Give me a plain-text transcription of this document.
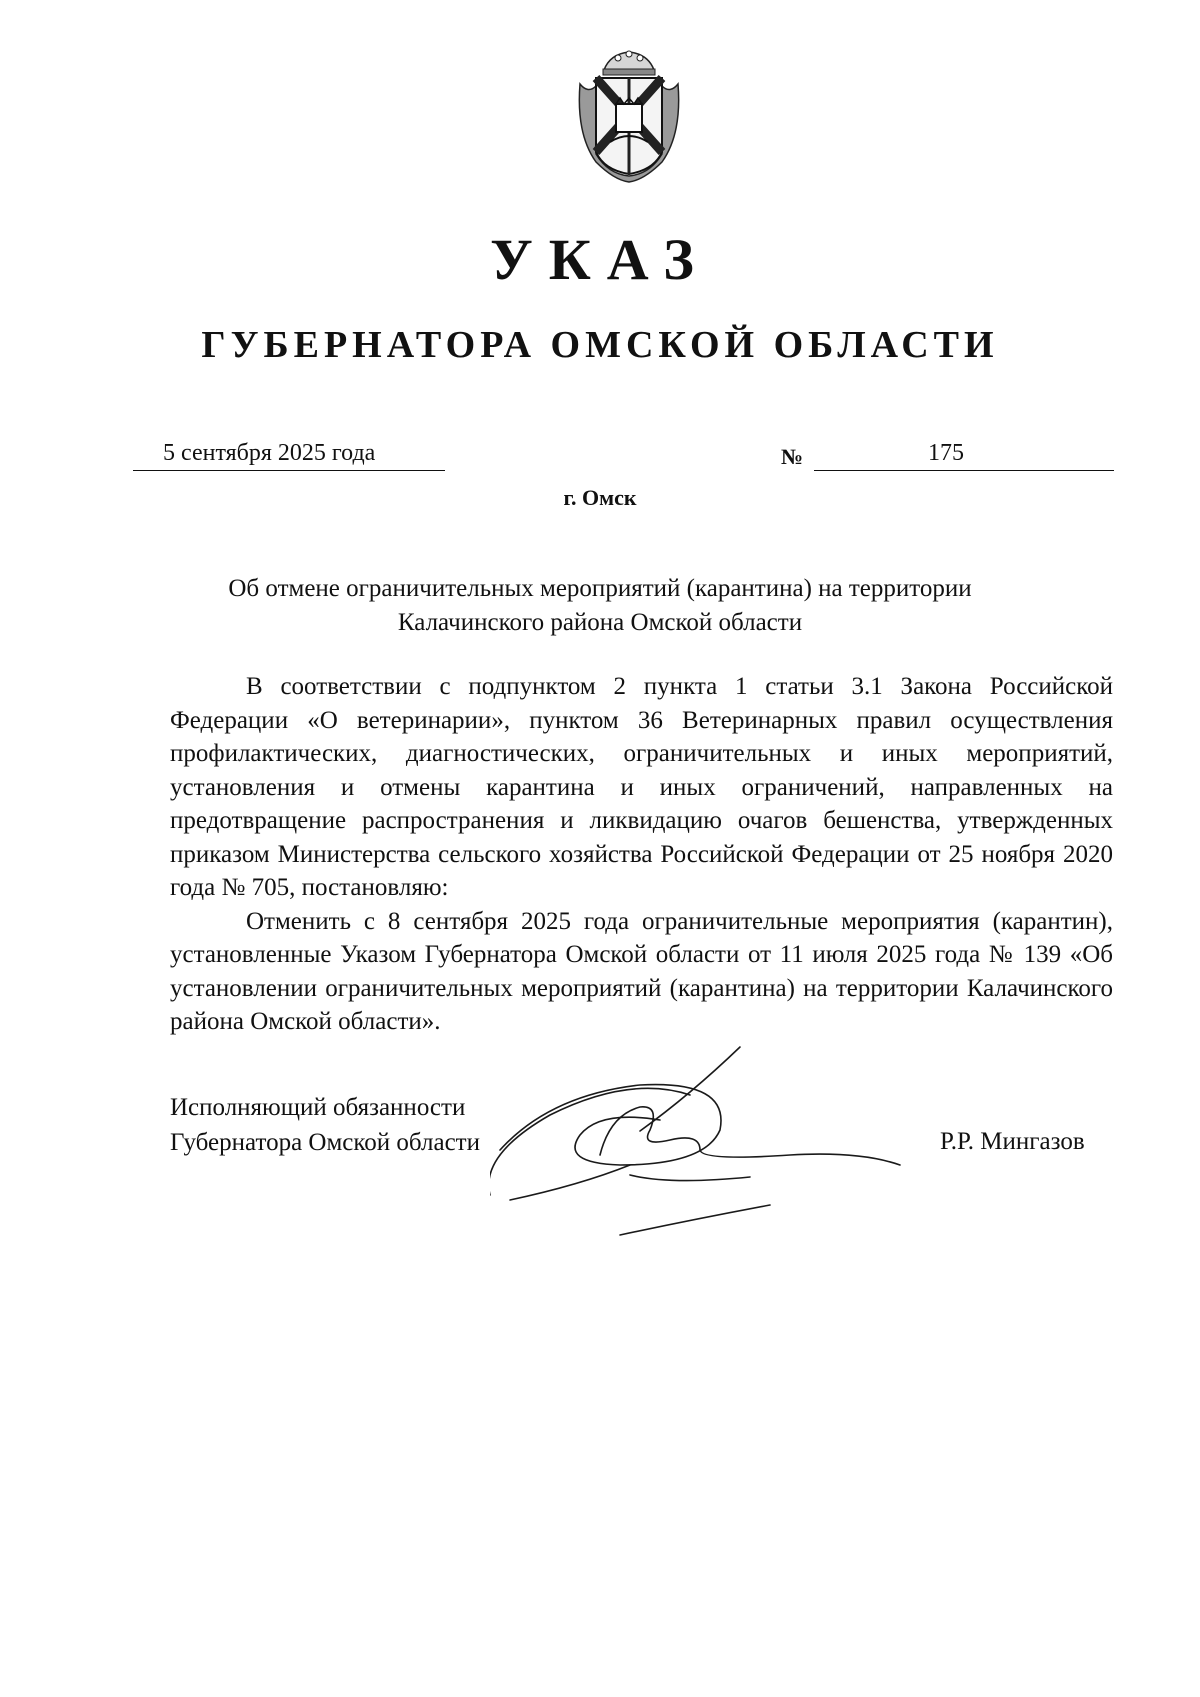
УКАЗ
ГУБЕРНАТОРА ОМСКОЙ ОБЛАСТИ
5 сентября 2025 года	№	175
г. Омск
Об отмене ограничительных мероприятий (карантина) на территории
Калачинского района Омской области

В соответствии с подпунктом 2 пункта 1 статьи 3.1 Закона Российской Федерации «О ветеринарии», пунктом 36 Ветеринарных правил осуществления профилактических, диагностических, ограничительных и иных мероприятий, установления и отмены карантина и иных ограничений, направленных на предотвращение распространения и ликвидацию очагов бешенства, утвержденных приказом Министерства сельского хозяйства Российской Федерации от 25 ноября 2020 года № 705, постановляю:

Отменить с 8 сентября 2025 года ограничительные мероприятия (карантин), установленные Указом Губернатора Омской области от 11 июля 2025 года № 139 «Об установлении ограничительных мероприятий (карантина) на территории Калачинского района Омской области».

Исполняющий обязанности
Губернатора Омской области	Р.Р. Мингазов
